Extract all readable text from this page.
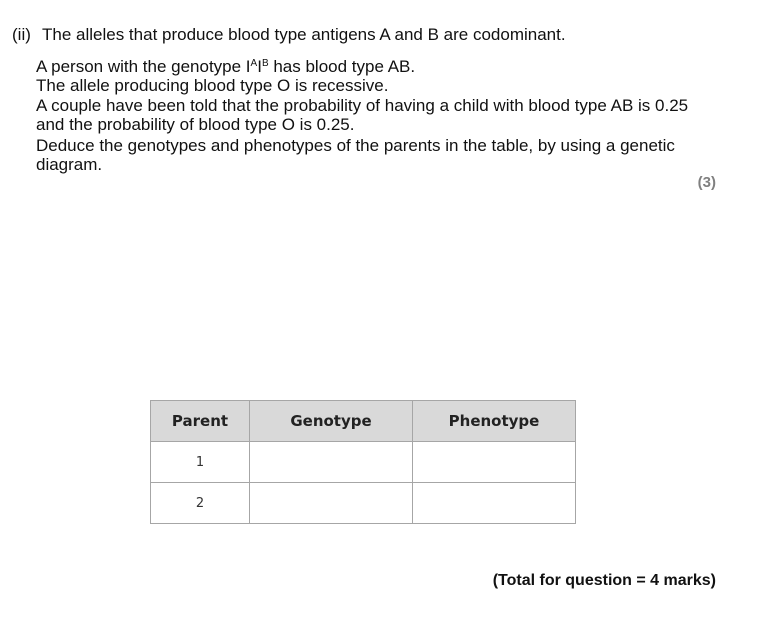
(ii) The alleles that produce blood type antigens A and B are codominant.
A person with the genotype $I^AI^B$ has blood type AB.
The allele producing blood type O is recessive.
A couple have been told that the probability of having a child with blood type AB is 0.25
and the probability of blood type O is 0.25.
Deduce the genotypes and phenotypes of the parents in the table, by using a genetic
diagram.
(3)
Parent	Genotype	Phenotype
1		
2		
(Total for question = 4 marks)
